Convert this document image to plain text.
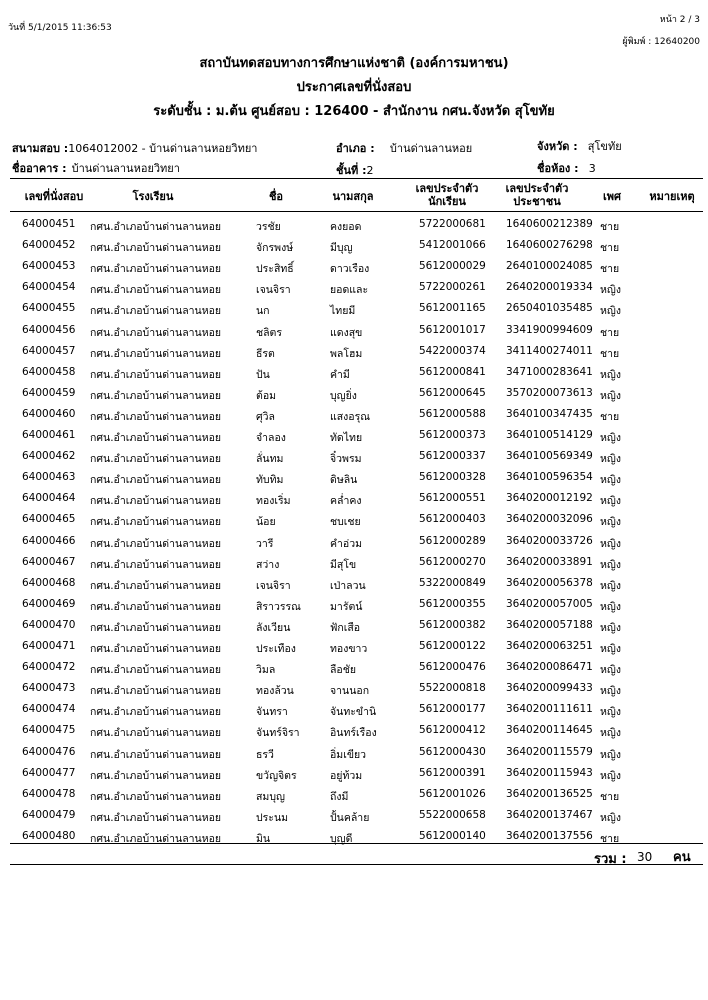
วันที่ 5/1/2015 11:36:53
หน้า 2 / 3
ผู้พิมพ์ : 12640200
สถาบันทดสอบทางการศึกษาแห่งชาติ (องค์การมหาชน)
ประกาศเลขที่นั่งสอบ
ระดับชั้น : ม.ต้น ศูนย์สอบ : 126400 - สำนักงาน กศน.จังหวัด สุโขทัย
สนามสอบ :1064012002 - บ้านด่านลานหอยวิทยา	อำเภอ : บ้านด่านลานหอย	จังหวัด : สุโขทัย
ชื่ออาคาร : บ้านด่านลานหอยวิทยา	ชั้นที่ :2	ชื่อห้อง : 3
เลขที่นั่งสอบ	โรงเรียน	ชื่อ	นามสกุล
เลขประจำตัว
นักเรียน
เลขประจำตัว
ประชาชน	เพศ	หมายเหตุ
64000451 กศน.อำเภอบ้านด่านลานหอย	วรชัย	คงยอด	5722000681 1640600212389 ชาย
64000452 กศน.อำเภอบ้านด่านลานหอย	จักรพงษ์	มีบุญ	5412001066 1640600276298 ชาย
64000453 กศน.อำเภอบ้านด่านลานหอย	ประสิทธิ์	ดาวเรือง	5612000029 2640100024085 ชาย
64000454 กศน.อำเภอบ้านด่านลานหอย	เจนจิรา	ยอดและ	5722000261 2640200019334 หญิง
64000455 กศน.อำเภอบ้านด่านลานหอย	นก	ไทยมี	5612001165 2650401035485 หญิง
64000456 กศน.อำเภอบ้านด่านลานหอย	ชลิตร	แดงสุข	5612001017 3341900994609 ชาย
64000457 กศน.อำเภอบ้านด่านลานหอย	ธีรต	พลโฮม	5422000374 3411400274011 ชาย
64000458 กศน.อำเภอบ้านด่านลานหอย	ปัน	คำมี	5612000841 3471000283641 หญิง
64000459 กศน.อำเภอบ้านด่านลานหอย	ต้อม	บุญยิ่ง	5612000645 3570200073613 หญิง
64000460 กศน.อำเภอบ้านด่านลานหอย	ศุวิล	แสงอรุณ	5612000588 3640100347435 ชาย
64000461 กศน.อำเภอบ้านด่านลานหอย	จำลอง	ทัดไทย	5612000373 3640100514129 หญิง
64000462 กศน.อำเภอบ้านด่านลานหอย	ลั่นทม	จิ๋วพรม	5612000337 3640100569349 หญิง
64000463 กศน.อำเภอบ้านด่านลานหอย	ทับทิม	ดิษลิน	5612000328 3640100596354 หญิง
64000464 กศน.อำเภอบ้านด่านลานหอย	ทองเริ่ม	คล่ำคง	5612000551 3640200012192 หญิง
64000465 กศน.อำเภอบ้านด่านลานหอย	น้อย	ชบเชย	5612000403 3640200032096 หญิง
64000466 กศน.อำเภอบ้านด่านลานหอย	วารี	คำอ่วม	5612000289 3640200033726 หญิง
64000467 กศน.อำเภอบ้านด่านลานหอย	สว่าง	มีสุโข	5612000270 3640200033891 หญิง
64000468 กศน.อำเภอบ้านด่านลานหอย	เจนจิรา	เป่าลวน	5322000849 3640200056378 หญิง
64000469 กศน.อำเภอบ้านด่านลานหอย	สิราวรรณ	มารัตน์	5612000355 3640200057005 หญิง
64000470 กศน.อำเภอบ้านด่านลานหอย	ลังเวียน	ฟักเสือ	5612000382 3640200057188 หญิง
64000471 กศน.อำเภอบ้านด่านลานหอย	ประเทือง	ทองขาว	5612000122 3640200063251 หญิง
64000472 กศน.อำเภอบ้านด่านลานหอย	วิมล	ลือชัย	5612000476 3640200086471 หญิง
64000473 กศน.อำเภอบ้านด่านลานหอย	ทองล้วน	จานนอก	5522000818 3640200099433 หญิง
64000474 กศน.อำเภอบ้านด่านลานหอย	จันทรา	จันทะขำนิ	5612000177 3640200111611 หญิง
64000475 กศน.อำเภอบ้านด่านลานหอย	จันทร์จิรา	อินทร์เรือง	5612000412 3640200114645 หญิง
64000476 กศน.อำเภอบ้านด่านลานหอย	ธรวี	อิ่มเขียว	5612000430 3640200115579 หญิง
64000477 กศน.อำเภอบ้านด่านลานหอย	ขวัญจิตร	อยู่ท้วม	5612000391 3640200115943 หญิง
64000478 กศน.อำเภอบ้านด่านลานหอย	สมบุญ	ถึงมี	5612001026 3640200136525 ชาย
64000479 กศน.อำเภอบ้านด่านลานหอย	ประนม	ปั้นคล้าย	5522000658 3640200137467 หญิง
64000480 กศน.อำเภอบ้านด่านลานหอย	มิน	บุญดี	5612000140 3640200137556 ชาย
รวม : 30 คน
